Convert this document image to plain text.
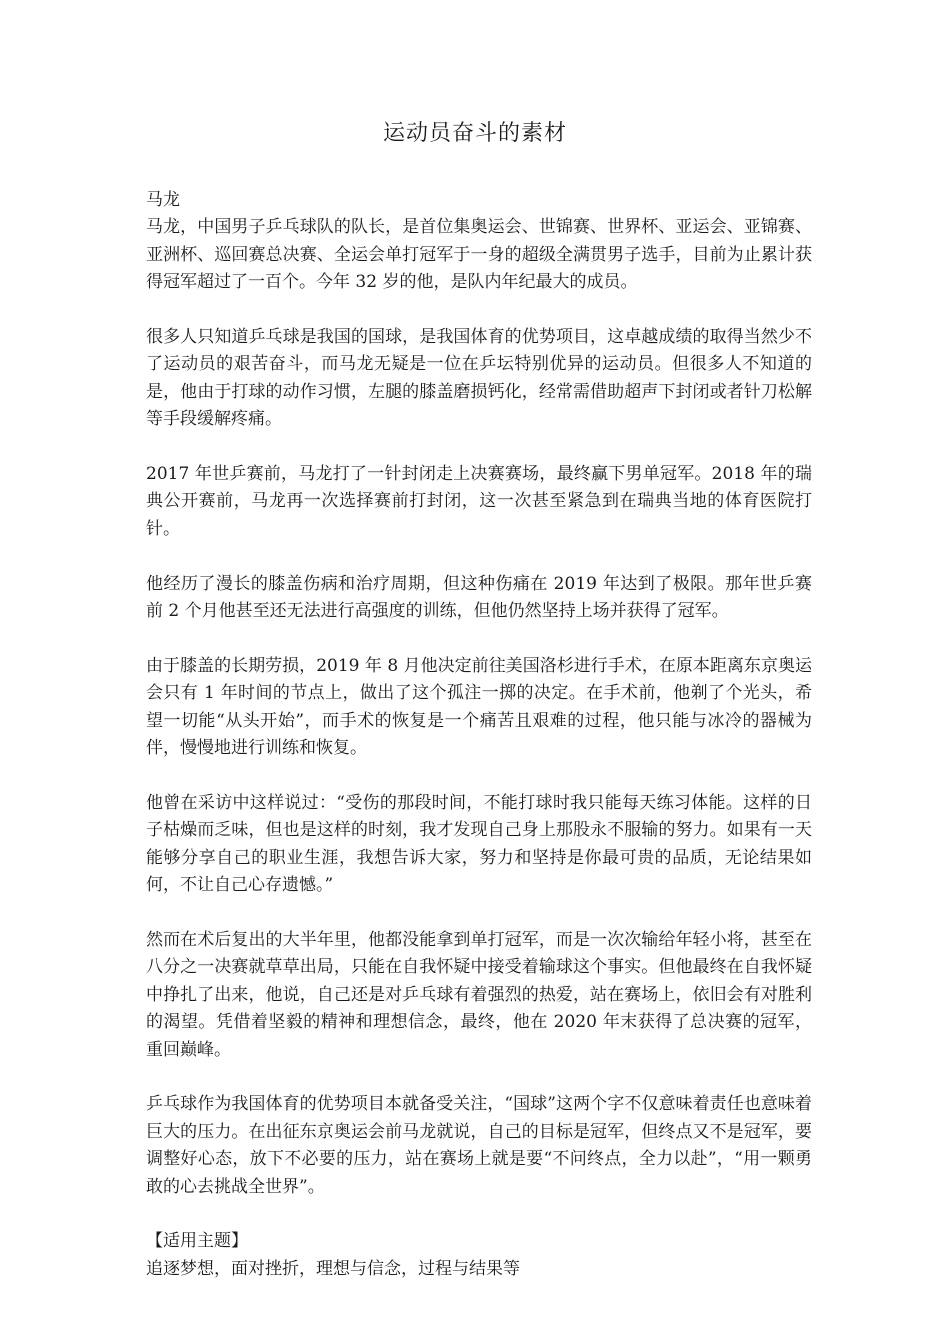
运动员奋斗的素材
马龙
马龙，中国男子乒乓球队的队长，是首位集奥运会、世锦赛、世界杯、亚运会、亚锦赛、亚洲杯、巡回赛总决赛、全运会单打冠军于一身的超级全满贯男子选手，目前为止累计获得冠军超过了一百个。今年 32 岁的他，是队内年纪最大的成员。
很多人只知道乒乓球是我国的国球，是我国体育的优势项目，这卓越成绩的取得当然少不了运动员的艰苦奋斗，而马龙无疑是一位在乒坛特别优异的运动员。但很多人不知道的是，他由于打球的动作习惯，左腿的膝盖磨损钙化，经常需借助超声下封闭或者针刀松解等手段缓解疼痛。
2017 年世乒赛前，马龙打了一针封闭走上决赛赛场，最终赢下男单冠军。2018 年的瑞典公开赛前，马龙再一次选择赛前打封闭，这一次甚至紧急到在瑞典当地的体育医院打针。
他经历了漫长的膝盖伤病和治疗周期，但这种伤痛在 2019 年达到了极限。那年世乒赛前 2 个月他甚至还无法进行高强度的训练，但他仍然坚持上场并获得了冠军。
由于膝盖的长期劳损，2019 年 8 月他决定前往美国洛杉进行手术，在原本距离东京奥运会只有 1 年时间的节点上，做出了这个孤注一掷的决定。在手术前，他剃了个光头，希望一切能“从头开始”，而手术的恢复是一个痛苦且艰难的过程，他只能与冰冷的器械为伴，慢慢地进行训练和恢复。
他曾在采访中这样说过：“受伤的那段时间，不能打球时我只能每天练习体能。这样的日子枯燥而乏味，但也是这样的时刻，我才发现自己身上那股永不服输的努力。如果有一天能够分享自己的职业生涯，我想告诉大家，努力和坚持是你最可贵的品质，无论结果如何，不让自己心存遗憾。”
然而在术后复出的大半年里，他都没能拿到单打冠军，而是一次次输给年轻小将，甚至在八分之一决赛就草草出局，只能在自我怀疑中接受着输球这个事实。但他最终在自我怀疑中挣扎了出来，他说，自己还是对乒乓球有着强烈的热爱，站在赛场上，依旧会有对胜利的渴望。凭借着坚毅的精神和理想信念，最终，他在 2020 年末获得了总决赛的冠军，重回巅峰。
乒乓球作为我国体育的优势项目本就备受关注，“国球”这两个字不仅意味着责任也意味着巨大的压力。在出征东京奥运会前马龙就说，自己的目标是冠军，但终点又不是冠军，要调整好心态，放下不必要的压力，站在赛场上就是要“不问终点，全力以赴”，“用一颗勇敢的心去挑战全世界”。
【适用主题】
追逐梦想，面对挫折，理想与信念，过程与结果等
